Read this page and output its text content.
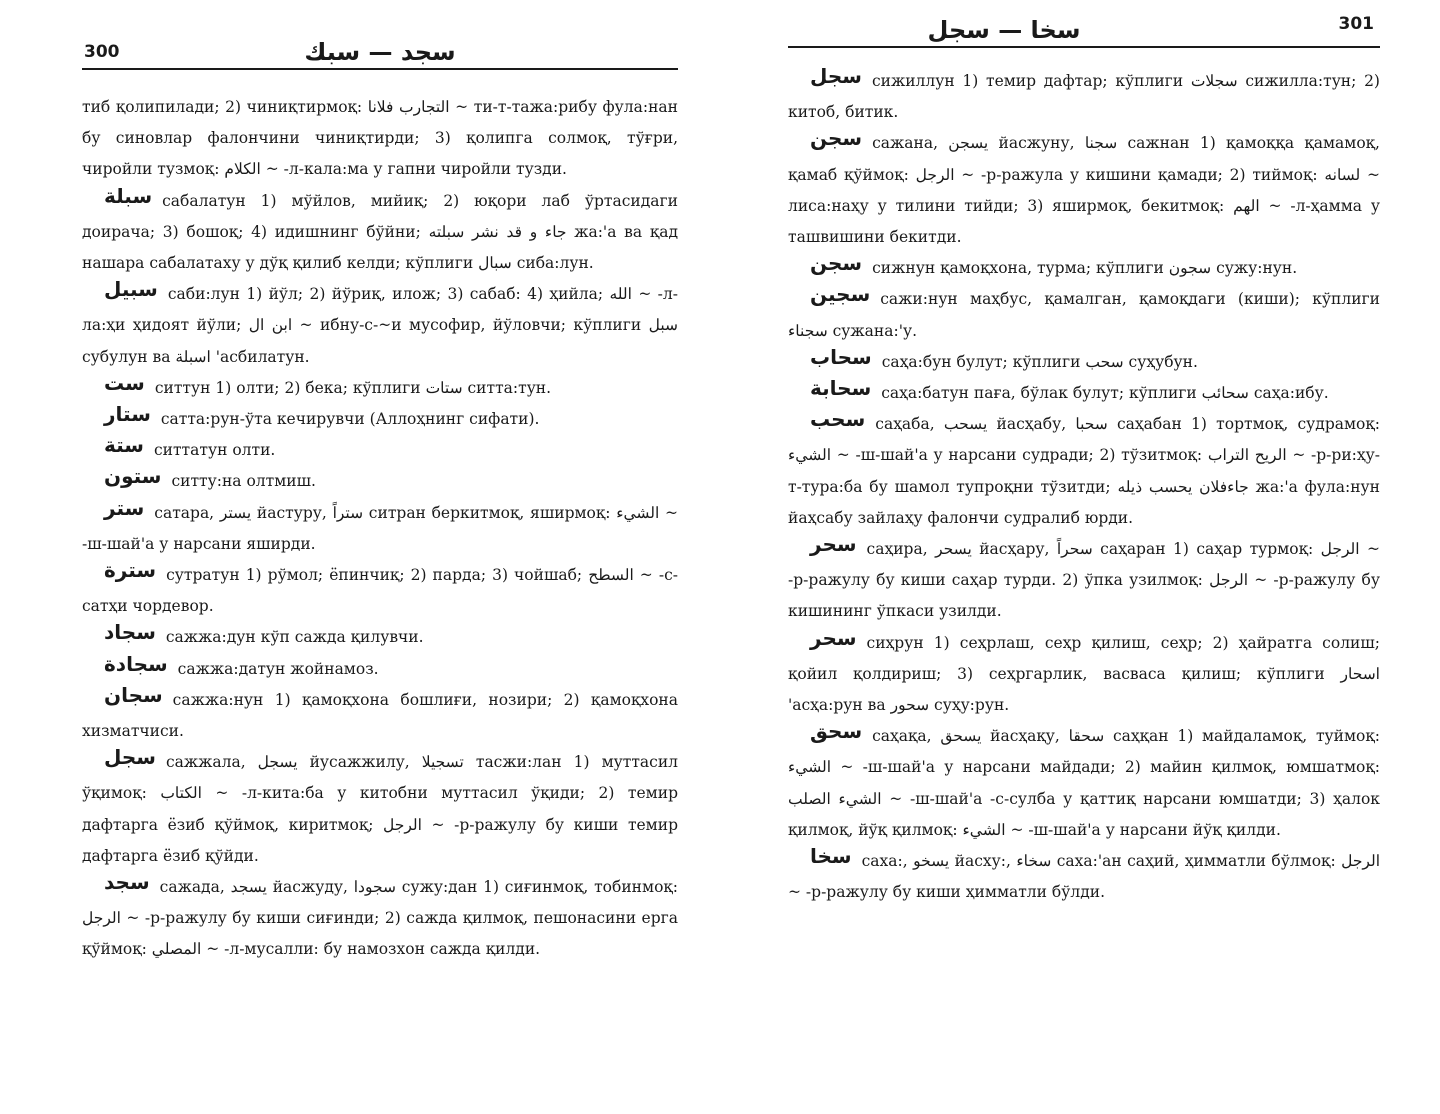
300	سجد — سبك

тиб қолипилади; 2) чиниқтирмоқ: التجارب فلانا ~ ти-т-тажа:рибу фула:нан бу синовлар фалончини чиниқтирди; 3) қолипга солмоқ, тўғри, чиройли тузмоқ: الكلام ~ -л-кала:ма у гапни чиройли тузди.

سبلة сабалатун 1) мўйлов, мийиқ; 2) юқори лаб ўртасидаги доирача; 3) бошоқ; 4) идишнинг бўйни; جاء و قد نشر سبلته жа:'а ва қад нашара сабалатаху у дўқ қилиб келди; кўплиги سبال сиба:лун.

سبيل саби:лун 1) йўл; 2) йўриқ, илож; 3) сабаб: 4) ҳийла; الله ~ -л-ла:ҳи ҳидоят йўли; ابن ال ~ ибну-с-~и мусофир, йўловчи; кўплиги سبل субулун ва اسبلة 'асбилатун.

ست ситтун 1) олти; 2) бека; кўплиги ستات ситта:тун.

ستار сатта:рун-ўта кечирувчи (Аллоҳнинг сифати).

ستة ситтатун олти.

ستون ситту:на олтмиш.

ستر сатара, يستر йастуру, ستراً ситран беркитмоқ, яширмоқ: الشيء ~ -ш-шай'а у нарсани яширди.

سترة сутратун 1) рўмол; ёпинчиқ; 2) парда; 3) чойшаб; السطح ~ -с-сатҳи чордевор.

سجاد сажжа:дун кўп сажда қилувчи.

سجادة сажжа:датун жойнамоз.

سجان сажжа:нун 1) қамоқхона бошлиғи, нозири; 2) қамоқхона хизматчиси.

سجل сажжала, يسجل йусажжилу, تسجيلا тасжи:лан 1) муттасил ўқимоқ: الكتاب ~ -л-кита:ба у китобни муттасил ўқиди; 2) темир дафтарга ёзиб қўймоқ, киритмоқ; الرجل ~ -р-ражулу бу киши темир дафтарга ёзиб қўйди.

سجد сажада, يسجد йасжуду, سجودا сужу:дан 1) сиғинмоқ, тобинмоқ: الرجل ~ -р-ражулу бу киши сиғинди; 2) сажда қилмоқ, пешонасини ерга қўймоқ: المصلي ~ -л-мусалли: бу намозхон сажда қилди.

سخا — سجل	301

سجل сижиллун 1) темир дафтар; кўплиги سجلات сижилла:тун; 2) китоб, битик.

سجن сажана, يسجن йасжуну, سجنا сажнан 1) қамоққа қамамоқ, қамаб қўймоқ: الرجل ~ -р-ражула у кишини қамади; 2) тиймоқ: لسانه ~ лиса:наҳу у тилини тийди; 3) яширмоқ, бекитмоқ: الهم ~ -л-ҳамма у ташвишини бекитди.

سجن сижнун қамоқхона, турма; кўплиги سجون сужу:нун.

سجين сажи:нун маҳбус, қамалган, қамоқдаги (киши); кўплиги سجناء сужана:'у.

سحاب саҳа:бун булут; кўплиги سحب суҳубун.

سحابة саҳа:батун паға, бўлак булут; кўплиги سحائب саҳа:ибу.

سحب саҳаба, يسحب йасҳабу, سحبا саҳабан 1) тортмоқ, судрамоқ: الشيء ~ -ш-шай'а у нарсани судради; 2) тўзитмоқ: الريح التراب ~ -р-ри:ҳу-т-тура:ба бу шамол тупроқни тўзитди; جاءفلان يحسب ذيله жа:'а фула:нун йаҳсабу зайлаҳу фалончи судралиб юрди.

سحر саҳира, يسحر йасҳару, سحراً саҳаран 1) саҳар турмоқ: الرجل ~ -р-ражулу бу киши саҳар турди. 2) ўпка узилмоқ: الرجل ~ -р-ражулу бу кишининг ўпкаси узилди.

سحر сиҳрун 1) сеҳрлаш, сеҳр қилиш, сеҳр; 2) ҳайратга солиш; қойил қолдириш; 3) сеҳргарлик, васваса қилиш; кўплиги اسحار 'асҳа:рун ва سحور суҳу:рун.

سحق саҳақа, يسحق йасҳақу, سحقا саҳқан 1) майдаламоқ, туймоқ: الشيء ~ -ш-шай'а у нарсани майдади; 2) майин қилмоқ, юмшатмоқ: الشيء الصلب ~ -ш-шай'а -с-сулба у қаттиқ нарсани юмшатди; 3) ҳалок қилмоқ, йўқ қилмоқ: الشيء ~ -ш-шай'а у нарсани йўқ қилди.

سخا саха:, يسخو йасху:, سخاء саха:'ан саҳий, ҳимматли бўлмоқ: الرجل ~ -р-ражулу бу киши ҳимматли бўлди.
